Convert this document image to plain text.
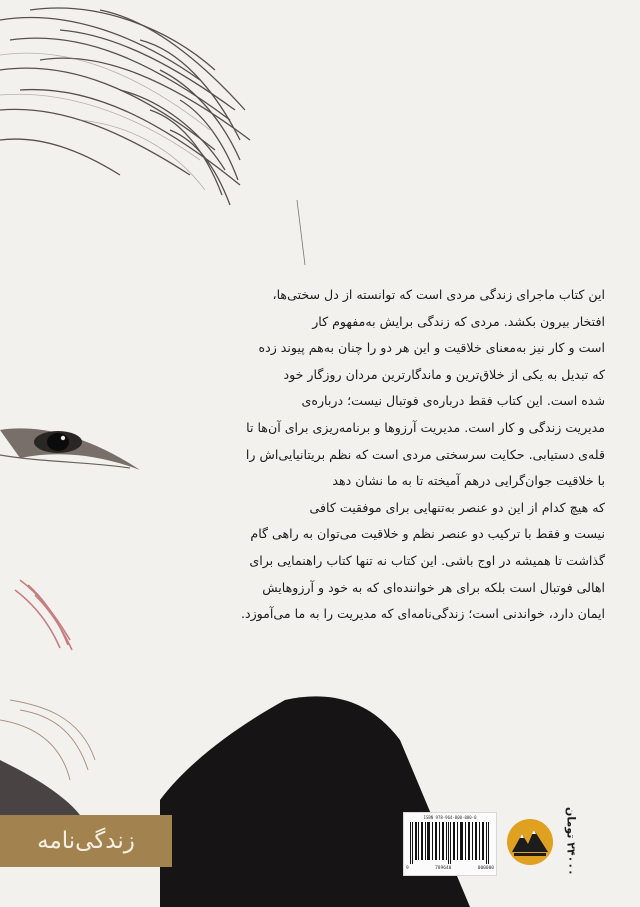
این کتاب ماجرای زندگی مردی است که توانسته از دل سختی‌ها،
افتخار بیرون بکشد. مردی که زندگی برایش به‌مفهوم کار
است و کار نیز به‌معنای خلاقیت و این هر دو را چنان به‌هم پیوند زده
که تبدیل به یکی از خلاق‌ترین و ماندگارترین مردان روزگار خود
شده است. این کتاب فقط درباره‌ی فوتبال نیست؛ درباره‌ی
مدیریت زندگی و کار است. مدیریت آرزوها و برنامه‌ریزی برای آن‌ها تا
قله‌ی دستیابی. حکایت سرسختی مردی است که نظم بریتانیایی‌اش را
با خلاقیت جوان‌گرایی درهم آمیخته تا به ما نشان دهد
که هیچ کدام از این دو عنصر به‌تنهایی برای موفقیت کافی
نیست و فقط با ترکیب دو عنصر نظم و خلاقیت می‌توان به راهی گام
گذاشت تا همیشه در اوج باشی. این کتاب نه تنها کتاب راهنمایی برای
اهالی فوتبال است بلکه برای هر خواننده‌ای که به خود و آرزوهایش
ایمان دارد، خواندنی است؛ زندگی‌نامه‌ای که مدیریت را به ما می‌آموزد.
زندگی‌نامه
ISBN 978-964-000-000-0
9	789640	000000
۲۴۰۰۰ تومان
